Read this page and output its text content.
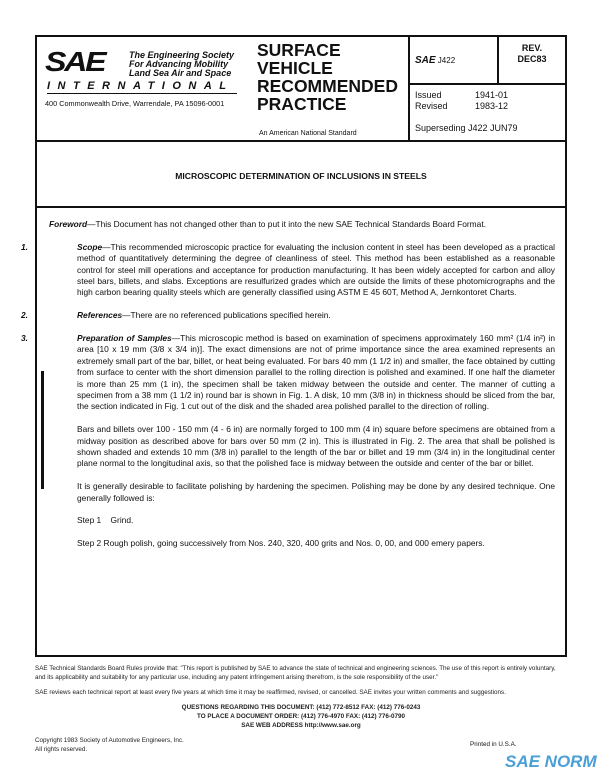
SAE	The Engineering Society
For Advancing Mobility
Land Sea Air and Space
INTERNATIONAL
400 Commonwealth Drive, Warrendale, PA 15096-0001
SURFACE
VEHICLE
RECOMMENDED
PRACTICE
An American National Standard
SAE J422
REV.
DEC83
Issued	1941-01
Revised	1983-12
Superseding J422 JUN79
MICROSCOPIC DETERMINATION OF INCLUSIONS IN STEELS

Foreword—This Document has not changed other than to put it into the new SAE Technical Standards Board Format.

1.	Scope—This recommended microscopic practice for evaluating the inclusion content in steel has been developed as a practical method of quantitatively determining the degree of cleanliness of steel. This method has been established as a reasonable control for steel mill operations and acceptance for production manufacturing. It has been widely accepted for carbon and alloy steel bars, billets, and slabs. Exceptions are resulfurized grades which are outside the limits of these photomicrographs and the high carbon bearing quality steels which are generally classified using ASTM E 45 60T, Method A, Jernkontoret Charts.

2.	References—There are no referenced publications specified herein.

3.	Preparation of Samples—This microscopic method is based on examination of specimens approximately 160 mm² (1/4 in²) in area [10 x 19 mm (3/8 x 3/4 in)]. The exact dimensions are not of prime importance since the area examined represents an extremely small part of the bar, billet, or heat being evaluated. For bars 40 mm (1 1/2 in) and smaller, the face obtained by cutting from surface to center with the short dimension parallel to the rolling direction is polished and examined. If one half the diameter is more than 25 mm (1 in), the specimen shall be taken midway between the outside and center. The manner of cutting a specimen from a 38 mm (1 1/2 in) round bar is shown in Fig. 1. A disk, 10 mm (3/8 in) in thickness should be sliced from the bar, the section indicated in Fig. 1 cut out of the disk and the shaded area polished parallel to the direction of rolling.

Bars and billets over 100 - 150 mm (4 - 6 in) are normally forged to 100 mm (4 in) square before specimens are obtained from a midway position as described above for bars over 50 mm (2 in). This is illustrated in Fig. 2. The area that shall be polished is shown shaded and extends 10 mm (3/8 in) parallel to the length of the bar or billet and 19 mm (3/4 in) in the longitudinal center plane normal to the longitudinal axis, so that the polished face is midway between the outside and center of the bar or billet.

It is generally desirable to facilitate polishing by hardening the specimen. Polishing may be done by any desired technique. One generally followed is:

Step 1    Grind.

Step 2 Rough polish, going successively from Nos. 240, 320, 400 grits and Nos. 0, 00, and 000 emery papers.

SAE Technical Standards Board Rules provide that: "This report is published by SAE to advance the state of technical and engineering sciences. The use of this report is entirely voluntary, and its applicability and suitability for any particular use, including any patent infringement arising therefrom, is the sole responsibility of the user."
SAE reviews each technical report at least every five years at which time it may be reaffirmed, revised, or cancelled. SAE invites your written comments and suggestions.
QUESTIONS REGARDING THIS DOCUMENT: (412) 772-8512 FAX: (412) 776-0243
TO PLACE A DOCUMENT ORDER: (412) 776-4970 FAX: (412) 776-0790
SAE WEB ADDRESS http://www.sae.org
Copyright 1983 Society of Automotive Engineers, Inc.
All rights reserved.
Printed in U.S.A.
SAE NORM
